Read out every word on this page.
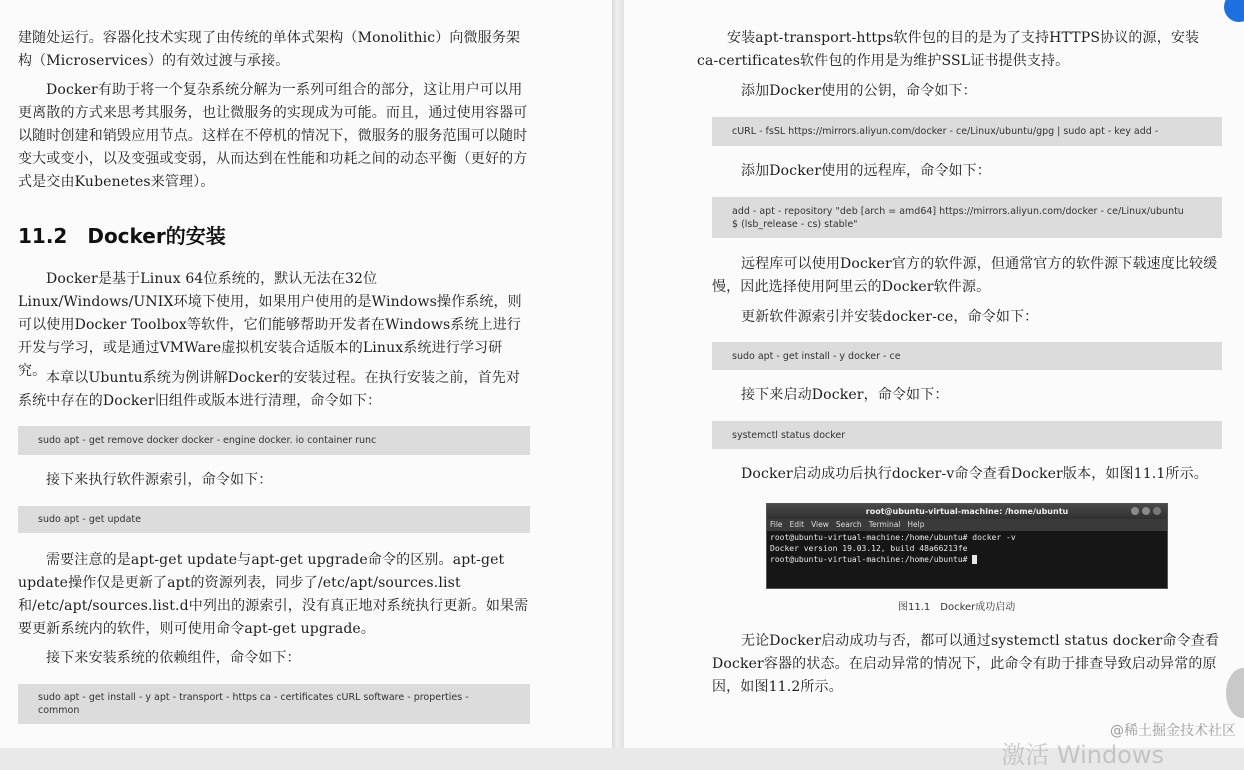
建随处运行。容器化技术实现了由传统的单体式架构（Monolithic）向微服务架构（Microservices）的有效过渡与承接。

Docker有助于将一个复杂系统分解为一系列可组合的部分，这让用户可以用更离散的方式来思考其服务，也让微服务的实现成为可能。而且，通过使用容器可以随时创建和销毁应用节点。这样在不停机的情况下，微服务的服务范围可以随时变大或变小，以及变强或变弱，从而达到在性能和功耗之间的动态平衡（更好的方式是交由Kubenetes来管理）。

11.2　Docker的安装

Docker是基于Linux 64位系统的，默认无法在32位Linux/Windows/UNIX环境下使用，如果用户使用的是Windows操作系统，则可以使用Docker Toolbox等软件，它们能够帮助开发者在Windows系统上进行开发与学习，或是通过VMWare虚拟机安装合适版本的Linux系统进行学习研究。 本章以Ubuntu系统为例讲解Docker的安装过程。在执行安装之前，首先对系统中存在的Docker旧组件或版本进行清理，命令如下：

sudo apt - get remove docker docker - engine docker. io container runc

接下来执行软件源索引，命令如下：

sudo apt - get update

需要注意的是apt-get update与apt-get upgrade命令的区别。apt-get update操作仅是更新了apt的资源列表，同步了/etc/apt/sources.list和/etc/apt/sources.list.d中列出的源索引，没有真正地对系统执行更新。如果需要更新系统内的软件，则可使用命令apt-get upgrade。

接下来安装系统的依赖组件，命令如下：

sudo apt - get install - y apt - transport - https ca - certificates cURL software - properties -
common

安装apt-transport-https软件包的目的是为了支持HTTPS协议的源，安装ca-certificates软件包的作用是为维护SSL证书提供支持。

添加Docker使用的公钥，命令如下：

cURL - fsSL https://mirrors.aliyun.com/docker - ce/Linux/ubuntu/gpg | sudo apt - key add -

添加Docker使用的远程库，命令如下：

add - apt - repository "deb [arch = amd64] https://mirrors.aliyun.com/docker - ce/Linux/ubuntu
$ (lsb_release - cs) stable"

远程库可以使用Docker官方的软件源，但通常官方的软件源下载速度比较缓慢，因此选择使用阿里云的Docker软件源。

更新软件源索引并安装docker-ce，命令如下：

sudo apt - get install - y docker - ce

接下来启动Docker，命令如下：

systemctl status docker

Docker启动成功后执行docker-v命令查看Docker版本，如图11.1所示。

root@ubuntu-virtual-machine: /home/ubuntu
File Edit View Search Terminal Help
root@ubuntu-virtual-machine:/home/ubuntu# docker -v
Docker version 19.03.12, build 48a66213fe
root@ubuntu-virtual-machine:/home/ubuntu#

图11.1　Docker成功启动

无论Docker启动成功与否，都可以通过systemctl status docker命令查看Docker容器的状态。在启动异常的情况下，此命令有助于排查导致启动异常的原因，如图11.2所示。

激活 Windows

@稀土掘金技术社区
